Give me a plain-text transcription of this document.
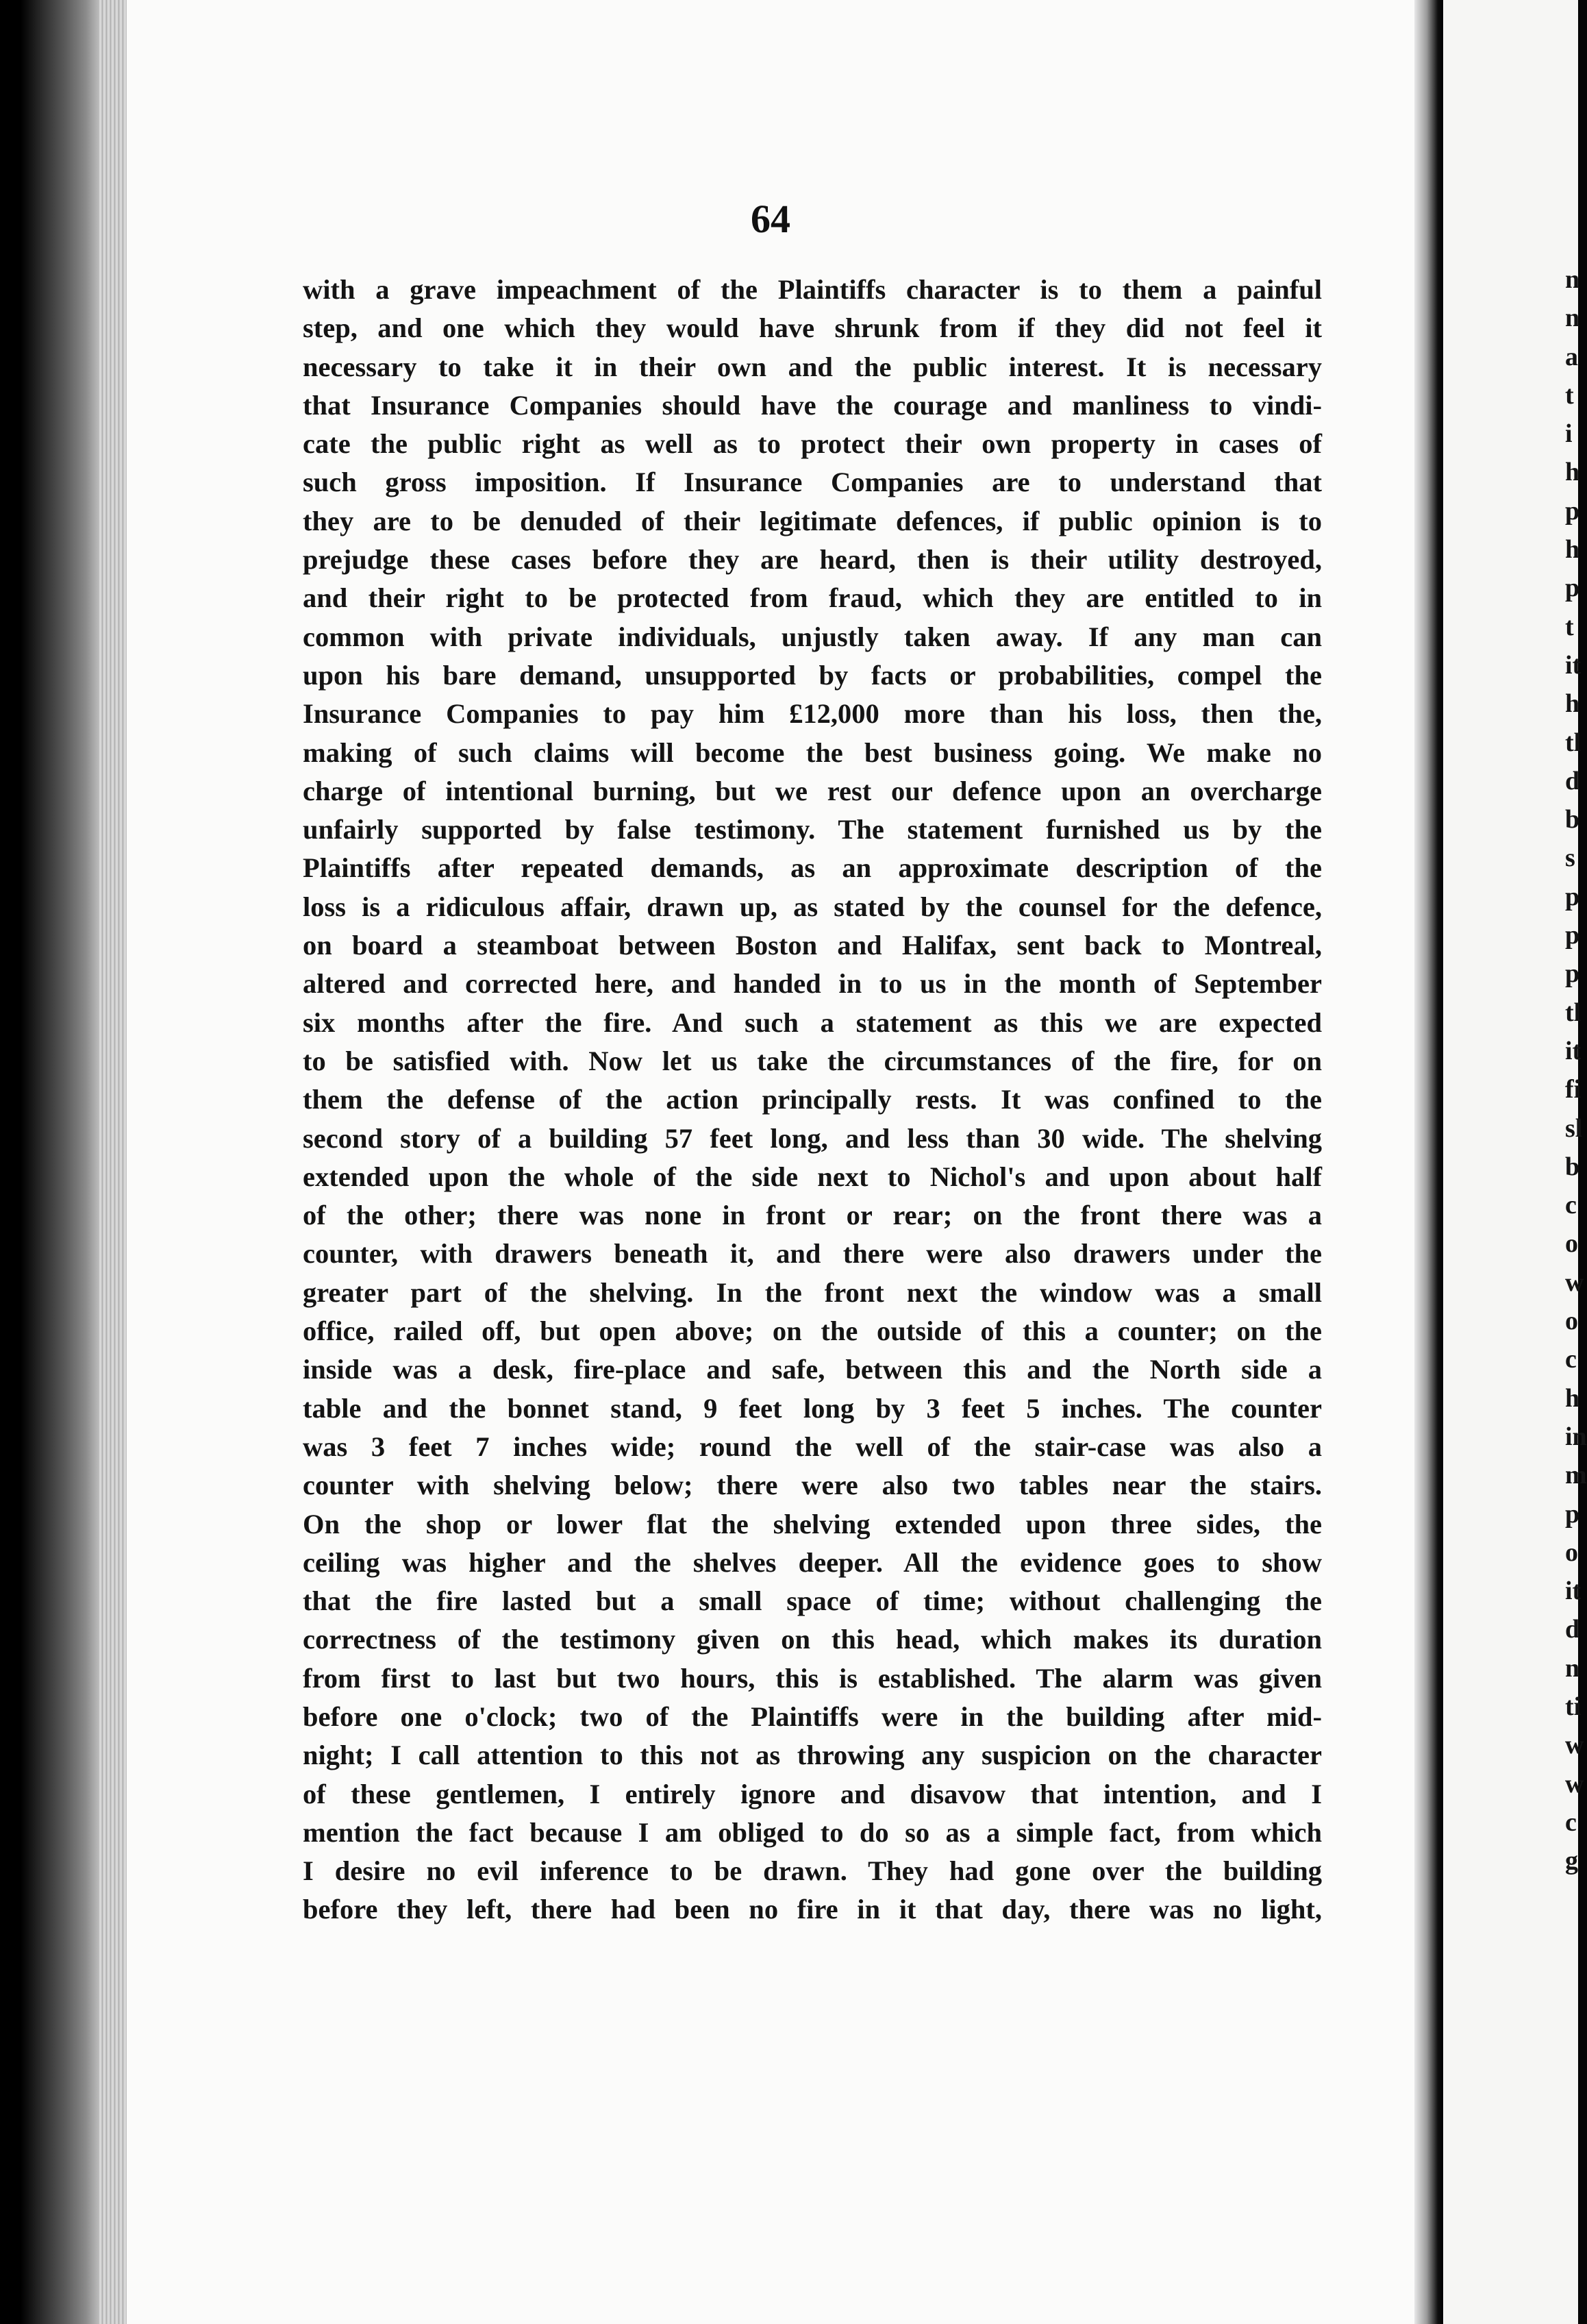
64
with a grave impeachment of the Plaintiffs character is to them a painful
step, and one which they would have shrunk from if they did not feel it
necessary to take it in their own and the public interest. It is necessary
that Insurance Companies should have the courage and manliness to vindi-
cate the public right as well as to protect their own property in cases of
such gross imposition. If Insurance Companies are to understand that
they are to be denuded of their legitimate defences, if public opinion is to
prejudge these cases before they are heard, then is their utility destroyed,
and their right to be protected from fraud, which they are entitled to in
common with private individuals, unjustly taken away. If any man can
upon his bare demand, unsupported by facts or probabilities, compel the
Insurance Companies to pay him £12,000 more than his loss, then the,
making of such claims will become the best business going. We make no
charge of intentional burning, but we rest our defence upon an overcharge
unfairly supported by false testimony. The statement furnished us by the
Plaintiffs after repeated demands, as an approximate description of the
loss is a ridiculous affair, drawn up, as stated by the counsel for the defence,
on board a steamboat between Boston and Halifax, sent back to Montreal,
altered and corrected here, and handed in to us in the month of September
six months after the fire. And such a statement as this we are expected
to be satisfied with. Now let us take the circumstances of the fire, for on
them the defense of the action principally rests. It was confined to the
second story of a building 57 feet long, and less than 30 wide. The shelving
extended upon the whole of the side next to Nichol's and upon about half
of the other; there was none in front or rear; on the front there was a
counter, with drawers beneath it, and there were also drawers under the
greater part of the shelving. In the front next the window was a small
office, railed off, but open above; on the outside of this a counter; on the
inside was a desk, fire-place and safe, between this and the North side a
table and the bonnet stand, 9 feet long by 3 feet 5 inches. The counter
was 3 feet 7 inches wide; round the well of the stair-case was also a
counter with shelving below; there were also two tables near the stairs.
On the shop or lower flat the shelving extended upon three sides, the
ceiling was higher and the shelves deeper. All the evidence goes to show
that the fire lasted but a small space of time; without challenging the
correctness of the testimony given on this head, which makes its duration
from first to last but two hours, this is established. The alarm was given
before one o'clock; two of the Plaintiffs were in the building after mid-
night; I call attention to this not as throwing any suspicion on the character
of these gentlemen, I entirely ignore and disavow that intention, and I
mention the fact because I am obliged to do so as a simple fact, from which
I desire no evil inference to be drawn. They had gone over the building
before they left, there had been no fire in it that day, there was no light,
n
n
a
t
i
h
p
h
p
t
it
h
tl
d
b
s
p
p
p
tl
it
fi
sl
b
c
o
w
o
c
h
in
m
p
o
it
d
n
ti
w
w
c
g
